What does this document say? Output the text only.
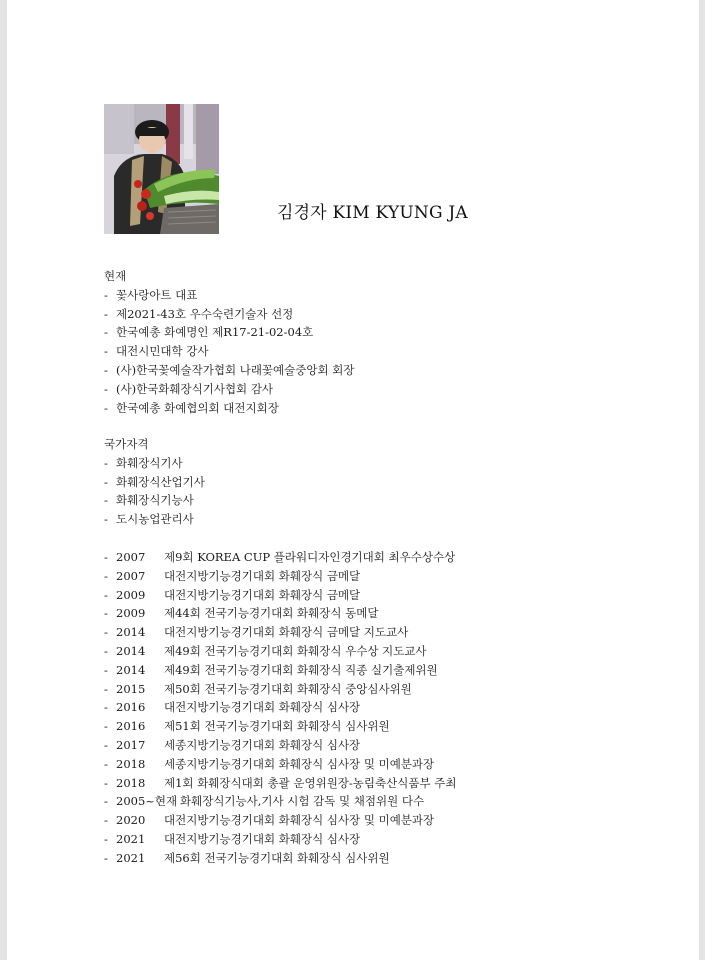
김경자 KIM KYUNG JA
현재
- 꽃사랑아트 대표
- 제2021-43호 우수숙련기술자 선정
- 한국예총 화예명인 제R17-21-02-04호
- 대전시민대학 강사
- (사)한국꽃예술작가협회 나래꽃예술중앙회 회장
- (사)한국화훼장식기사협회 감사
- 한국예총 화예협의회 대전지회장
국가자격
- 화훼장식기사
- 화훼장식산업기사
- 화훼장식기능사
- 도시농업관리사
- 2007 제9회 KOREA CUP 플라워디자인경기대회 최우수상수상
- 2007 대전지방기능경기대회 화훼장식 금메달
- 2009 대전지방기능경기대회 화훼장식 금메달
- 2009 제44회 전국기능경기대회 화훼장식 동메달
- 2014 대전지방기능경기대회 화훼장식 금메달 지도교사
- 2014 제49회 전국기능경기대회 화훼장식 우수상 지도교사
- 2014 제49회 전국기능경기대회 화훼장식 직종 실기출제위원
- 2015 제50회 전국기능경기대회 화훼장식 중앙심사위원
- 2016 대전지방기능경기대회 화훼장식 심사장
- 2016 제51회 전국기능경기대회 화훼장식 심사위원
- 2017 세종지방기능경기대회 화훼장식 심사장
- 2018 세종지방기능경기대회 화훼장식 심사장 및 미예분과장
- 2018 제1회 화훼장식대회 총괄 운영위원장-농림축산식품부 주최
- 2005~현재 화훼장식기능사,기사 시험 감독 및 채점위원 다수
- 2020 대전지방기능경기대회 화훼장식 심사장 및 미예분과장
- 2021 대전지방기능경기대회 화훼장식 심사장
- 2021 제56회 전국기능경기대회 화훼장식 심사위원
